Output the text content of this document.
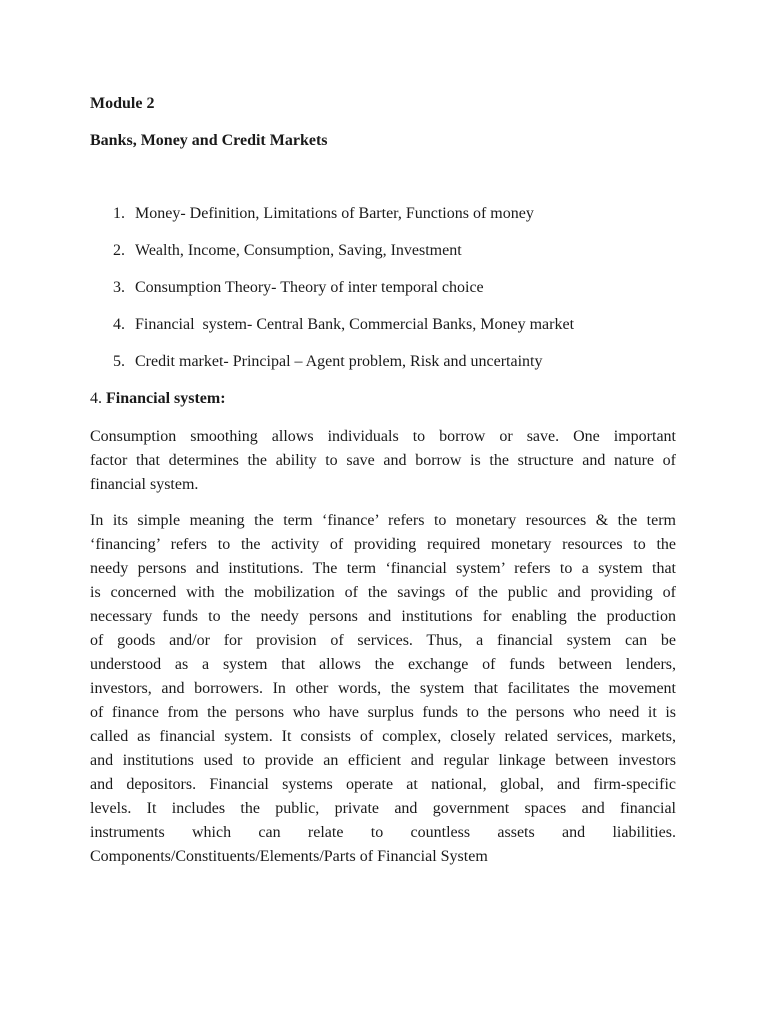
Module 2
Banks, Money and Credit Markets
1. Money- Definition, Limitations of Barter, Functions of money
2. Wealth, Income, Consumption, Saving, Investment
3. Consumption Theory- Theory of inter temporal choice
4. Financial  system- Central Bank, Commercial Banks, Money market
5. Credit market- Principal – Agent problem, Risk and uncertainty
4. Financial system:
Consumption smoothing allows individuals to borrow or save. One important
factor that determines the ability to save and borrow is the structure and nature of
financial system.
In its simple meaning the term ‘finance’ refers to monetary resources & the term
‘financing’ refers to the activity of providing required monetary resources to the
needy persons and institutions. The term ‘financial system’ refers to a system that
is concerned with the mobilization of the savings of the public and providing of
necessary funds to the needy persons and institutions for enabling the production
of goods and/or for provision of services. Thus, a financial system can be
understood as a system that allows the exchange of funds between lenders,
investors, and borrowers. In other words, the system that facilitates the movement
of finance from the persons who have surplus funds to the persons who need it is
called as financial system. It consists of complex, closely related services, markets,
and institutions used to provide an efficient and regular linkage between investors
and depositors. Financial systems operate at national, global, and firm-specific
levels. It includes the public, private and government spaces and financial
instruments which can relate to countless assets and liabilities.
Components/Constituents/Elements/Parts of Financial System
